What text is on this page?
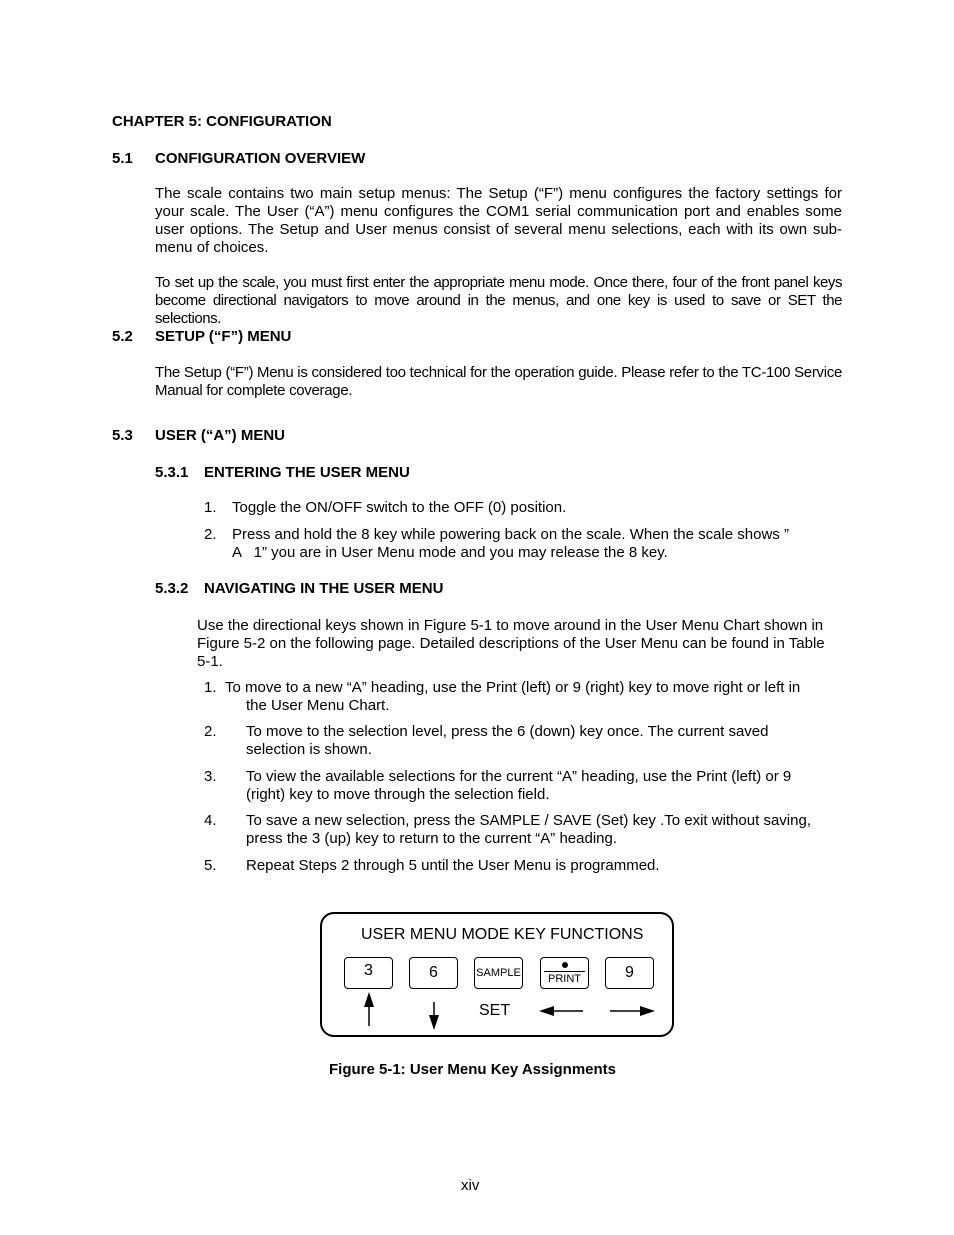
CHAPTER 5: CONFIGURATION
5.1 CONFIGURATION OVERVIEW
The scale contains two main setup menus: The Setup (“F”) menu configures the factory settings for your scale. The User (“A”) menu configures the COM1 serial communication port and enables some user options. The Setup and User menus consist of several menu selections, each with its own sub-menu of choices.
To set up the scale, you must first enter the appropriate menu mode. Once there, four of the front panel keys become directional navigators to move around in the menus, and one key is used to save or SET the selections.
5.2 SETUP (“F”) MENU
The Setup (“F”) Menu is considered too technical for the operation guide. Please refer to the TC-100 Service Manual for complete coverage.
5.3 USER (“A”) MENU
5.3.1 ENTERING THE USER MENU
1. Toggle the ON/OFF switch to the OFF (0) position.
2. Press and hold the 8 key while powering back on the scale. When the scale shows ”
A   1” you are in User Menu mode and you may release the 8 key.
5.3.2 NAVIGATING IN THE USER MENU
Use the directional keys shown in Figure 5-1 to move around in the User Menu Chart shown in Figure 5-2 on the following page. Detailed descriptions of the User Menu can be found in Table 5-1.
1. To move to a new “A” heading, use the Print (left) or 9 (right) key to move right or left in
the User Menu Chart.
2. To move to the selection level, press the 6 (down) key once. The current saved
selection is shown.
3. To view the available selections for the current “A” heading, use the Print (left) or 9
(right) key to move through the selection field.
4. To save a new selection, press the SAMPLE / SAVE (Set) key .To exit without saving,
press the 3 (up) key to return to the current “A” heading.
5. Repeat Steps 2 through 5 until the User Menu is programmed.
USER MENU MODE KEY FUNCTIONS
3	6	SAMPLE	PRINT	9
SET
Figure 5-1: User Menu Key Assignments
xiv
